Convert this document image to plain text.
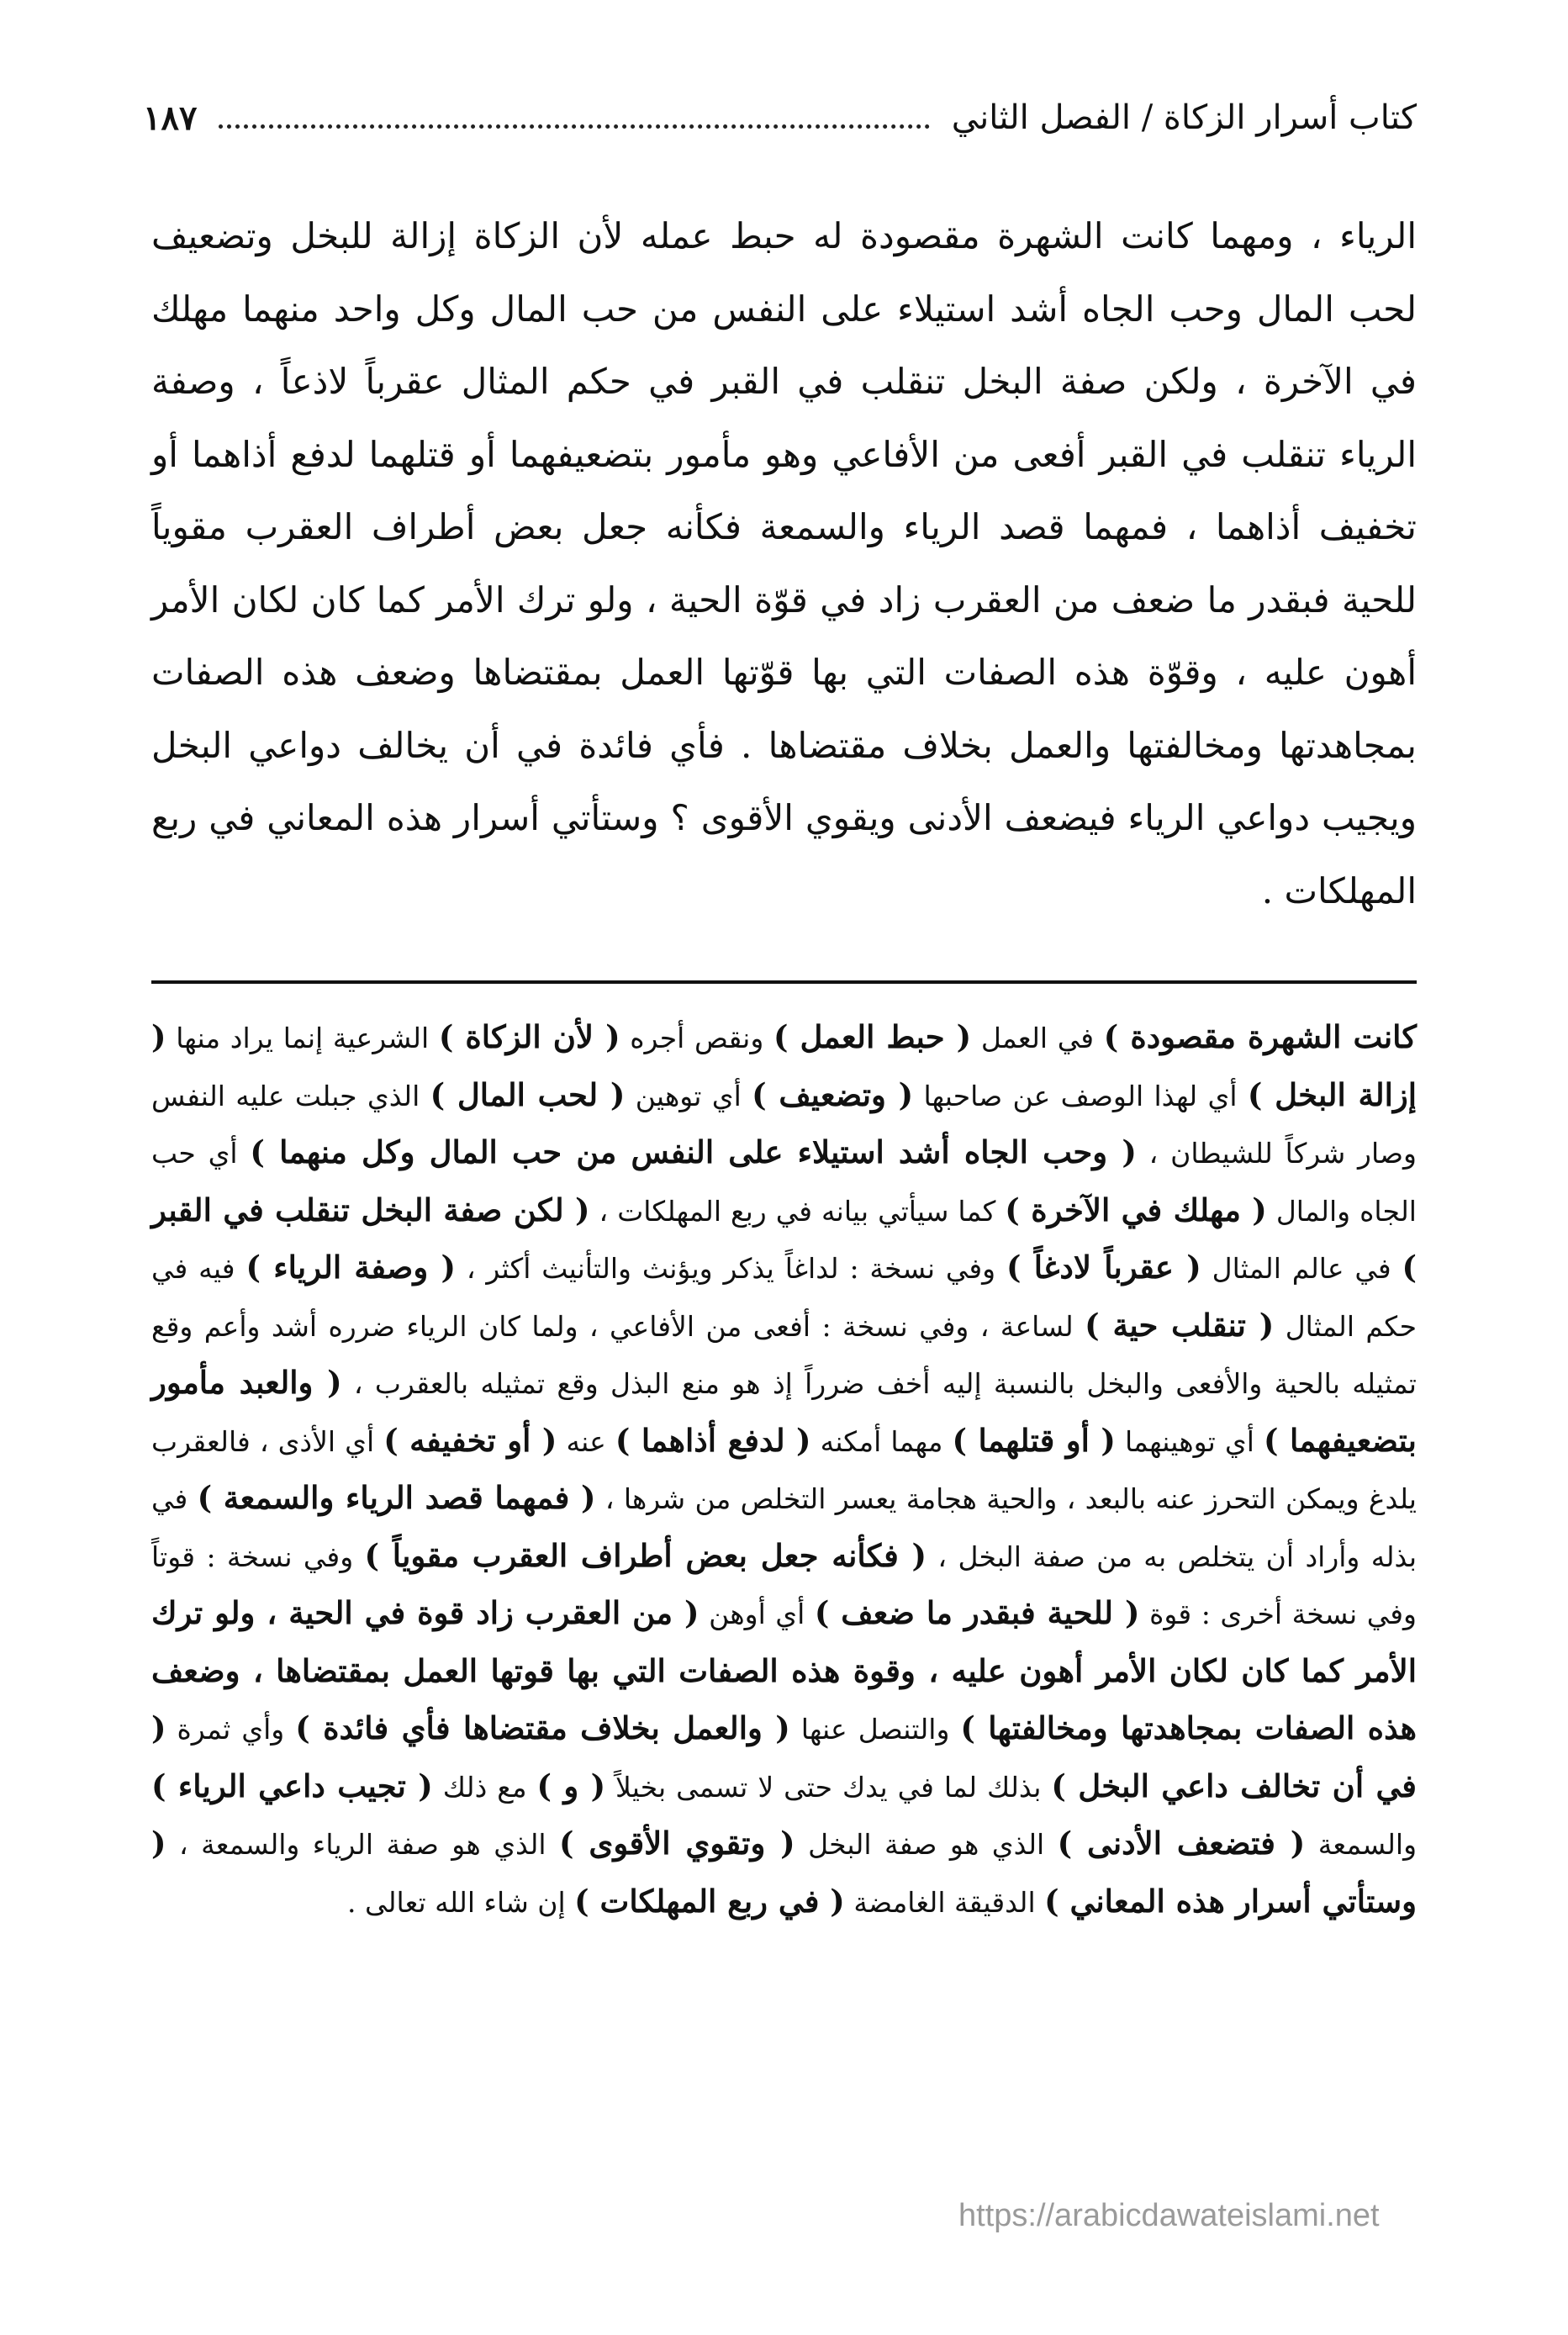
كتاب أسرار الزكاة / الفصل الثاني
١٨٧

الرياء ، ومهما كانت الشهرة مقصودة له حبط عمله لأن الزكاة إزالة للبخل وتضعيف لحب المال وحب الجاه أشد استيلاء على النفس من حب المال وكل واحد منهما مهلك في الآخرة ، ولكن صفة البخل تنقلب في القبر في حكم المثال عقرباً لاذعاً ، وصفة الرياء تنقلب في القبر أفعى من الأفاعي وهو مأمور بتضعيفهما أو قتلهما لدفع أذاهما أو تخفيف أذاهما ، فمهما قصد الرياء والسمعة فكأنه جعل بعض أطراف العقرب مقوياً للحية فبقدر ما ضعف من العقرب زاد في قوّة الحية ، ولو ترك الأمر كما كان لكان الأمر أهون عليه ، وقوّة هذه الصفات التي بها قوّتها العمل بمقتضاها وضعف هذه الصفات بمجاهدتها ومخالفتها والعمل بخلاف مقتضاها . فأي فائدة في أن يخالف دواعي البخل ويجيب دواعي الرياء فيضعف الأدنى ويقوي الأقوى ؟ وستأتي أسرار هذه المعاني في ربع المهلكات .

كانت الشهرة مقصودة ) في العمل ( حبط العمل ) ونقص أجره ( لأن الزكاة ) الشرعية إنما يراد منها ( إزالة البخل ) أي لهذا الوصف عن صاحبها ( وتضعيف ) أي توهين ( لحب المال ) الذي جبلت عليه النفس وصار شركاً للشيطان ، ( وحب الجاه أشد استيلاء على النفس من حب المال وكل منهما ) أي حب الجاه والمال ( مهلك في الآخرة ) كما سيأتي بيانه في ربع المهلكات ، ( لكن صفة البخل تنقلب في القبر ) في عالم المثال ( عقرباً لادغاً ) وفي نسخة : لداغاً يذكر ويؤنث والتأنيث أكثر ، ( وصفة الرياء ) فيه في حكم المثال ( تنقلب حية ) لساعة ، وفي نسخة : أفعى من الأفاعي ، ولما كان الرياء ضرره أشد وأعم وقع تمثيله بالحية والأفعى والبخل بالنسبة إليه أخف ضرراً إذ هو منع البذل وقع تمثيله بالعقرب ، ( والعبد مأمور بتضعيفهما ) أي توهينهما ( أو قتلهما ) مهما أمكنه ( لدفع أذاهما ) عنه ( أو تخفيفه ) أي الأذى ، فالعقرب يلدغ ويمكن التحرز عنه بالبعد ، والحية هجامة يعسر التخلص من شرها ، ( فمهما قصد الرياء والسمعة ) في بذله وأراد أن يتخلص به من صفة البخل ، ( فكأنه جعل بعض أطراف العقرب مقوياً ) وفي نسخة : قوتاً وفي نسخة أخرى : قوة ( للحية فبقدر ما ضعف ) أي أوهن ( من العقرب زاد قوة في الحية ، ولو ترك الأمر كما كان لكان الأمر أهون عليه ، وقوة هذه الصفات التي بها قوتها العمل بمقتضاها ، وضعف هذه الصفات بمجاهدتها ومخالفتها ) والتنصل عنها ( والعمل بخلاف مقتضاها فأي فائدة ) وأي ثمرة ( في أن تخالف داعي البخل ) بذلك لما في يدك حتى لا تسمى بخيلاً ( و ) مع ذلك ( تجيب داعي الرياء ) والسمعة ( فتضعف الأدنى ) الذي هو صفة البخل ( وتقوي الأقوى ) الذي هو صفة الرياء والسمعة ، ( وستأتي أسرار هذه المعاني ) الدقيقة الغامضة ( في ربع المهلكات ) إن شاء الله تعالى .

https://arabicdawateislami.net
